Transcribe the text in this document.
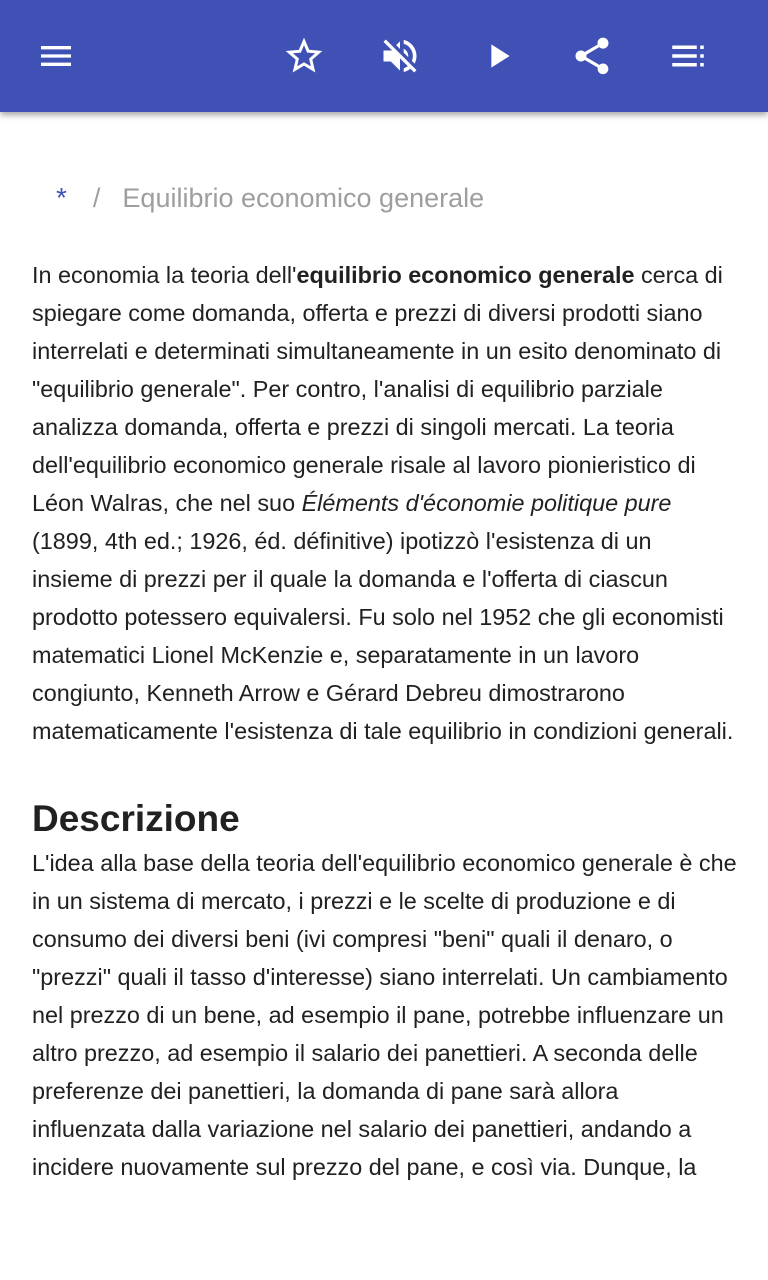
* / Equilibrio economico generale

In economia la teoria dell'equilibrio economico generale cerca di spiegare come domanda, offerta e prezzi di diversi prodotti siano interrelati e determinati simultaneamente in un esito denominato di "equilibrio generale". Per contro, l'analisi di equilibrio parziale analizza domanda, offerta e prezzi di singoli mercati. La teoria dell'equilibrio economico generale risale al lavoro pionieristico di Léon Walras, che nel suo Éléments d'économie politique pure (1899, 4th ed.; 1926, éd. définitive) ipotizzò l'esistenza di un insieme di prezzi per il quale la domanda e l'offerta di ciascun prodotto potessero equivalersi. Fu solo nel 1952 che gli economisti matematici Lionel McKenzie e, separatamente in un lavoro congiunto, Kenneth Arrow e Gérard Debreu dimostrarono matematicamente l'esistenza di tale equilibrio in condizioni generali.

Descrizione

L'idea alla base della teoria dell'equilibrio economico generale è che in un sistema di mercato, i prezzi e le scelte di produzione e di consumo dei diversi beni (ivi compresi "beni" quali il denaro, o "prezzi" quali il tasso d'interesse) siano interrelati. Un cambiamento nel prezzo di un bene, ad esempio il pane, potrebbe influenzare un altro prezzo, ad esempio il salario dei panettieri. A seconda delle preferenze dei panettieri, la domanda di pane sarà allora influenzata dalla variazione nel salario dei panettieri, andando a incidere nuovamente sul prezzo del pane, e così via. Dunque, la
